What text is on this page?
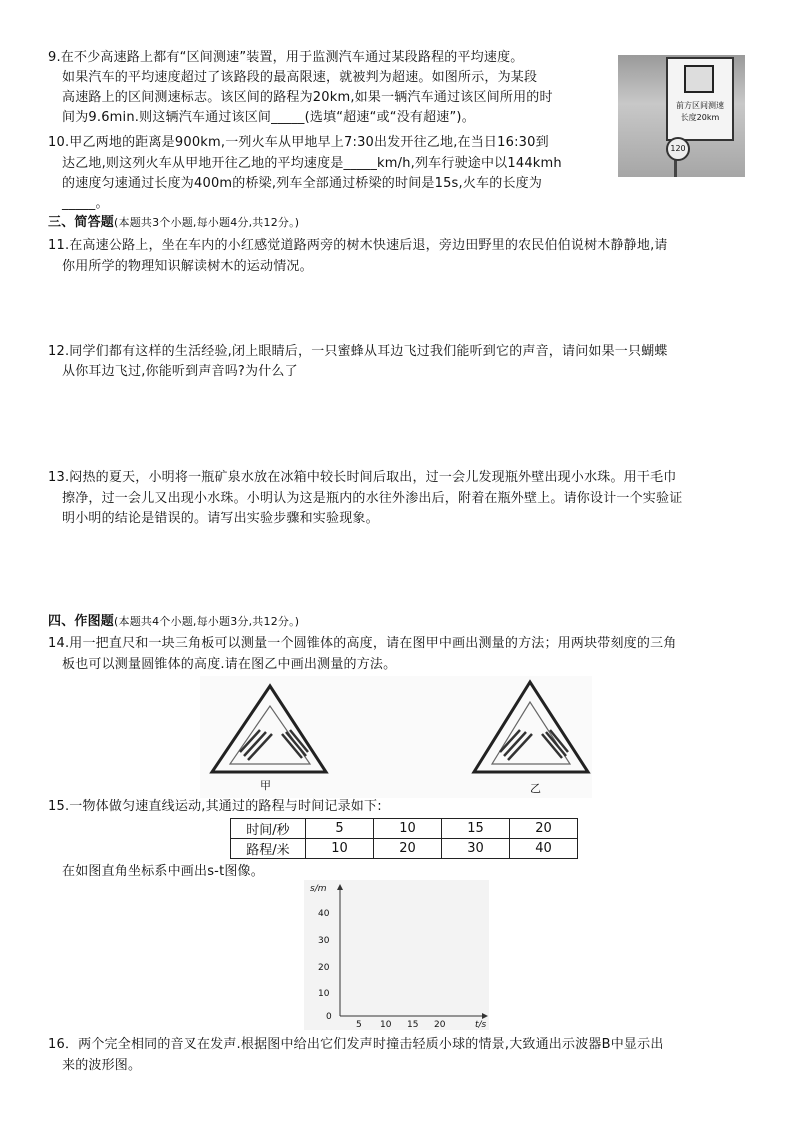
9.在不少高速路上都有“区间测速”装置，用于监测汽车通过某段路程的平均速度。
如果汽车的平均速度超过了该路段的最高限速，就被判为超速。如图所示，为某段
高速路上的区间测速标志。该区间的路程为20km,如果一辆汽车通过该区间所用的时
间为9.6min.则这辆汽车通过该区间_____(选填“超速“或“没有超速”)。
前方区间测速
长度20km
120
10.甲乙两地的距离是900km,一列火车从甲地早上7:30出发开往乙地,在当日16:30到
达乙地,则这列火车从甲地开往乙地的平均速度是_____km/h,列车行驶途中以144kmh
的速度匀速通过长度为400m的桥梁,列车全部通过桥梁的时间是15s,火车的长度为
_____。
三、简答题(本题共3个小题,每小题4分,共12分。)
11.在高速公路上，坐在车内的小红感觉道路两旁的树木快速后退，旁边田野里的农民伯伯说树木静静地,请
你用所学的物理知识解读树木的运动情况。
12.同学们都有这样的生活经验,闭上眼睛后，一只蜜蜂从耳边飞过我们能听到它的声音，请问如果一只蝴蝶
从你耳边飞过,你能听到声音吗?为什么了
13.闷热的夏天，小明将一瓶矿泉水放在冰箱中较长时间后取出，过一会儿发现瓶外壁出现小水珠。用干毛巾
擦净，过一会儿又出现小水珠。小明认为这是瓶内的水往外渗出后，附着在瓶外壁上。请你设计一个实验证
明小明的结论是错误的。请写出实验步骤和实验现象。
四、作图题(本题共4个小题,每小题3分,共12分。)
14.用一把直尺和一块三角板可以测量一个圆锥体的高度，请在图甲中画出测量的方法；用两块带刻度的三角
板也可以测量圆锥体的高度.请在图乙中画出测量的方法。
甲	乙
15.一物体做匀速直线运动,其通过的路程与时间记录如下:
时间/秒	5	10	15	20
路程/米	10	20	30	40
在如图直角坐标系中画出s-t图像。
s/m
t/s
0
40
30
20
10
5 10 15 20
16．两个完全相同的音叉在发声.根据图中给出它们发声时撞击轻质小球的情景,大致通出示波器B中显示出
来的波形图。
